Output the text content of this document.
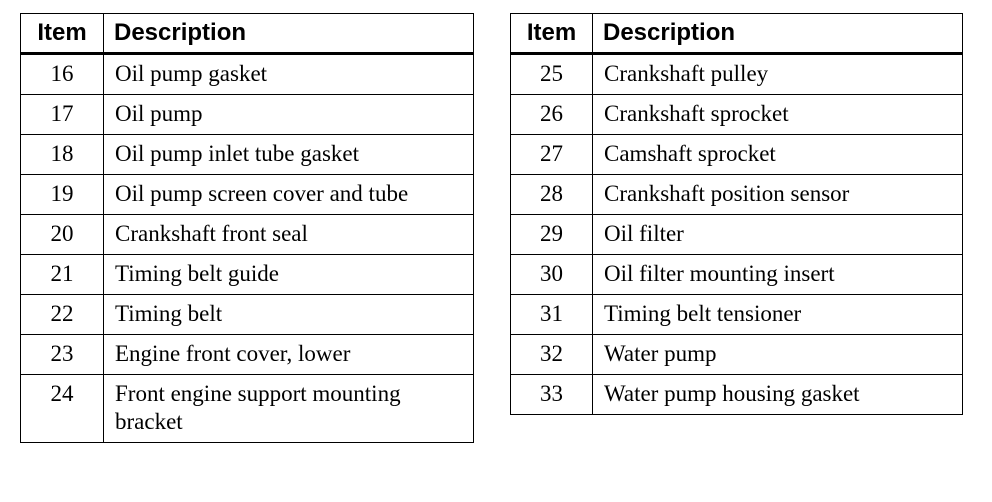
Item	Description
16	Oil pump gasket
17	Oil pump
18	Oil pump inlet tube gasket
19	Oil pump screen cover and tube
20	Crankshaft front seal
21	Timing belt guide
22	Timing belt
23	Engine front cover, lower
24	Front engine support mounting bracket
Item	Description
25	Crankshaft pulley
26	Crankshaft sprocket
27	Camshaft sprocket
28	Crankshaft position sensor
29	Oil filter
30	Oil filter mounting insert
31	Timing belt tensioner
32	Water pump
33	Water pump housing gasket
